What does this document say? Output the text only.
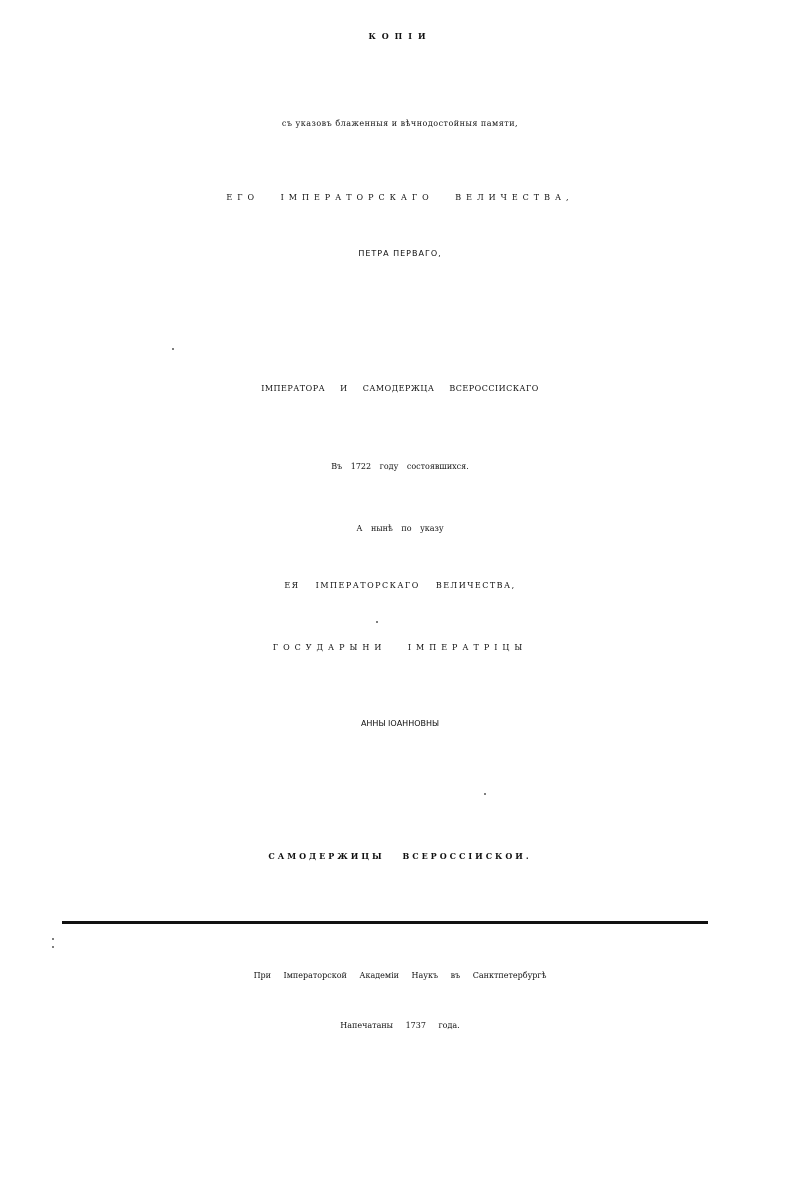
КОПІИ
съ указовъ блаженныя и вѣчнодостойныя памяти,
ЕГО ІМПЕРАТОРСКАГО ВЕЛИЧЕСТВА,
ПЕТРА ПЕРВАГО,
ІМПЕРАТОРА И САМОДЕРЖЦА ВСЕРОССІИСКАГО
Въ 1722 году состоявшихся.
А нынѣ по указу
ЕЯ ІМПЕРАТОРСКАГО ВЕЛИЧЕСТВА,
ГОСУДАРЫНИ ІМПЕРАТРІЦЫ
АННЫ ІОАННОВНЫ
САМОДЕРЖИЦЫ ВСЕРОССІИСКОИ.
При Імператорской Академіи Наукъ въ Санктпетербургѣ
Напечатаны 1737 года.
